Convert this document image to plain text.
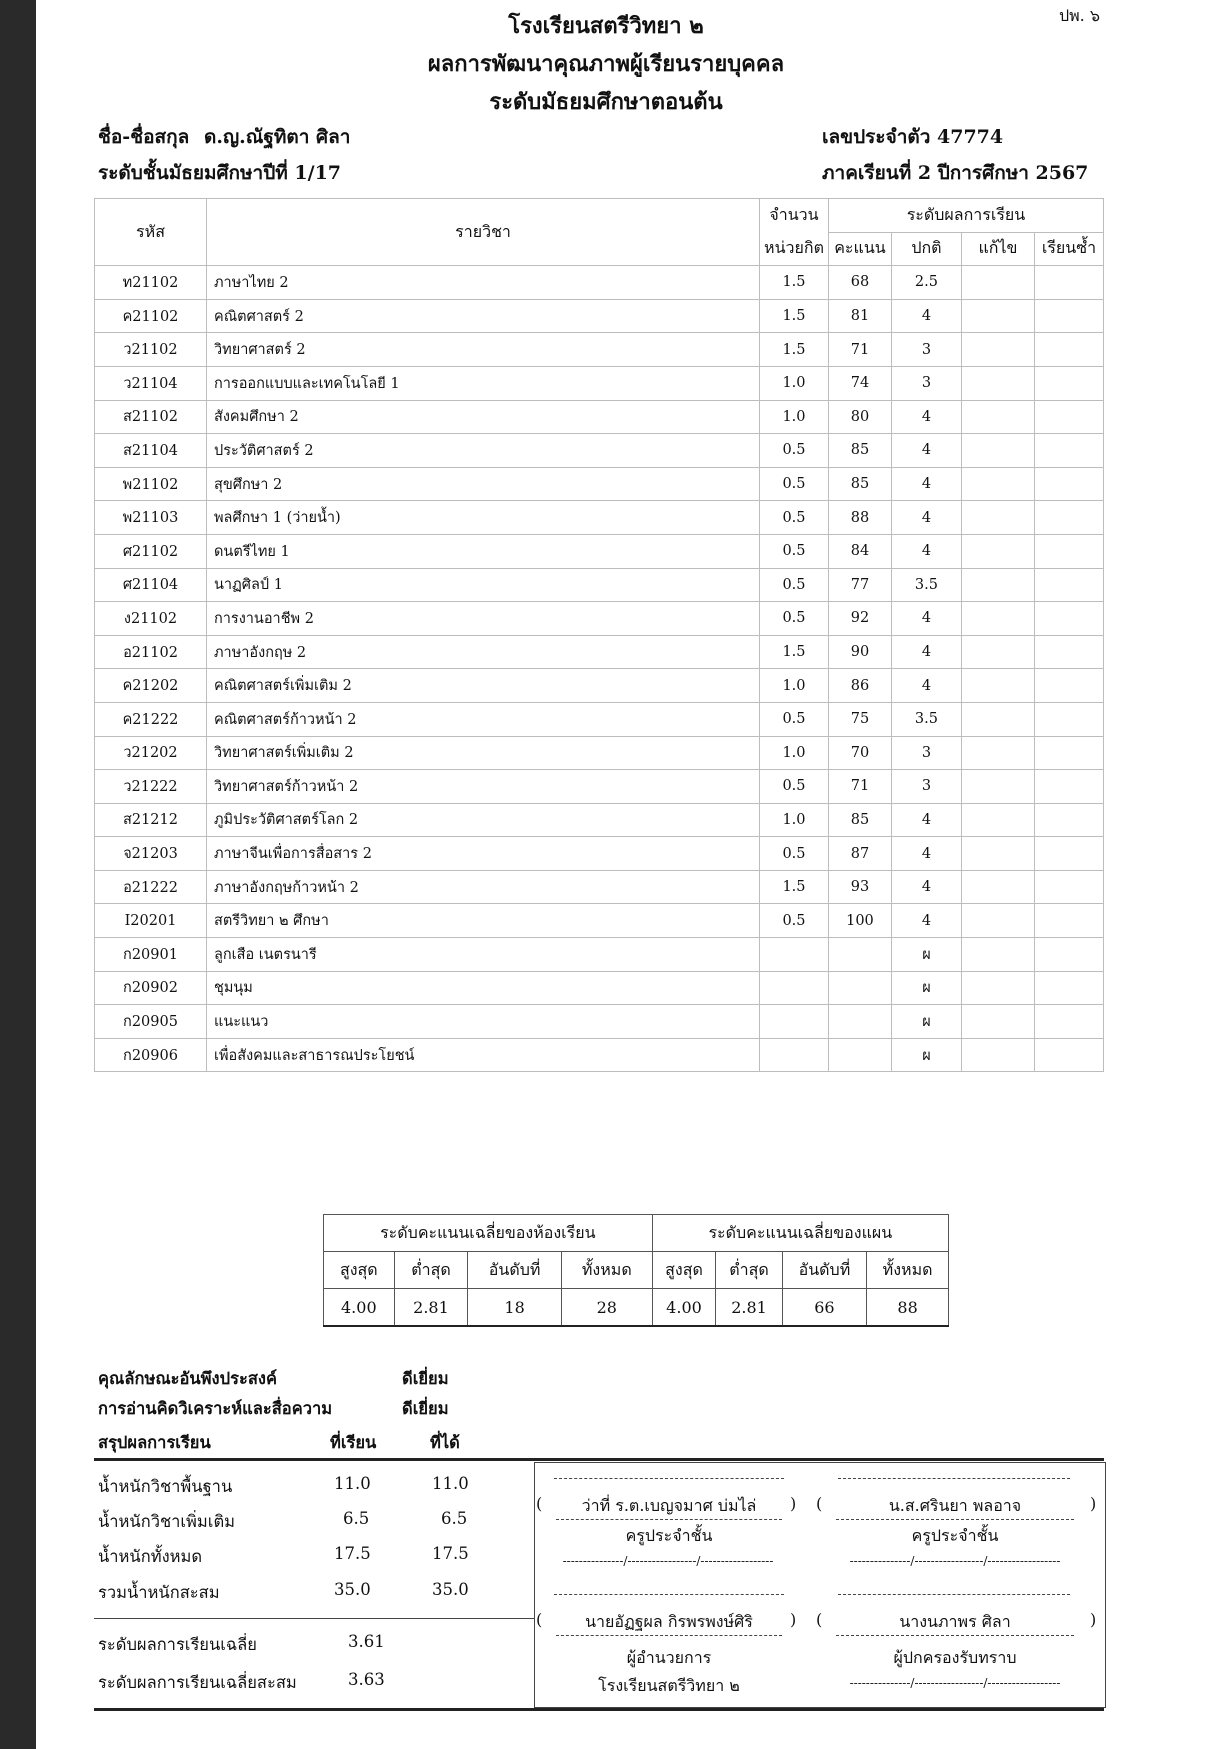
ปพ. ๖
โรงเรียนสตรีวิทยา ๒
ผลการพัฒนาคุณภาพผู้เรียนรายบุคคล
ระดับมัธยมศึกษาตอนต้น
ชื่อ-ชื่อสกุล ด.ญ.ณัฐทิตา ศิลา	เลขประจำตัว 47774
ระดับชั้นมัธยมศึกษาปีที่ 1/17	ภาคเรียนที่ 2 ปีการศึกษา 2567
รหัส	รายวิชา	จำนวน	ระดับผลการเรียน			
		หน่วยกิต	คะแนน	ปกติ	แก้ไข	เรียนซ้ำ
ท21102	ภาษาไทย 2	1.5	68	2.5		
ค21102	คณิตศาสตร์ 2	1.5	81	4		
ว21102	วิทยาศาสตร์ 2	1.5	71	3		
ว21104	การออกแบบและเทคโนโลยี 1	1.0	74	3		
ส21102	สังคมศึกษา 2	1.0	80	4		
ส21104	ประวัติศาสตร์ 2	0.5	85	4		
พ21102	สุขศึกษา 2	0.5	85	4		
พ21103	พลศึกษา 1 (ว่ายน้ำ)	0.5	88	4		
ศ21102	ดนตรีไทย 1	0.5	84	4		
ศ21104	นาฏศิลป์ 1	0.5	77	3.5		
ง21102	การงานอาชีพ 2	0.5	92	4		
อ21102	ภาษาอังกฤษ 2	1.5	90	4		
ค21202	คณิตศาสตร์เพิ่มเติม 2	1.0	86	4		
ค21222	คณิตศาสตร์ก้าวหน้า 2	0.5	75	3.5		
ว21202	วิทยาศาสตร์เพิ่มเติม 2	1.0	70	3		
ว21222	วิทยาศาสตร์ก้าวหน้า 2	0.5	71	3		
ส21212	ภูมิประวัติศาสตร์โลก 2	1.0	85	4		
จ21203	ภาษาจีนเพื่อการสื่อสาร 2	0.5	87	4		
อ21222	ภาษาอังกฤษก้าวหน้า 2	1.5	93	4		
I20201	สตรีวิทยา ๒ ศึกษา	0.5	100	4		
ก20901	ลูกเสือ เนตรนารี			ผ		
ก20902	ชุมนุม			ผ		
ก20905	แนะแนว			ผ		
ก20906	เพื่อสังคมและสาธารณประโยชน์			ผ		
ระดับคะแนนเฉลี่ยของห้องเรียน				ระดับคะแนนเฉลี่ยของแผน			
สูงสุด	ต่ำสุด	อันดับที่	ทั้งหมด	สูงสุด	ต่ำสุด	อันดับที่	ทั้งหมด
4.00	2.81	18	28	4.00	2.81	66	88
คุณลักษณะอันพึงประสงค์	ดีเยี่ยม
การอ่านคิดวิเคราะห์และสื่อความ	ดีเยี่ยม
สรุปผลการเรียน	ที่เรียน	ที่ได้
น้ำหนักวิชาพื้นฐาน	11.0	11.0
น้ำหนักวิชาเพิ่มเติม	6.5	6.5
น้ำหนักทั้งหมด	17.5	17.5
รวมน้ำหนักสะสม	35.0	35.0
ระดับผลการเรียนเฉลี่ย	3.61
ระดับผลการเรียนเฉลี่ยสะสม	3.63
(	ว่าที่ ร.ต.เบญจมาศ บ่มไล่	) (	น.ส.ศรินยา พลอาจ	)
ครูประจำชั้น	ครูประจำชั้น
---------------/-----------------/------------------	---------------/-----------------/------------------
(	นายอัฏฐผล กิรพรพงษ์ศิริ	) (	นางนภาพร ศิลา	)
ผู้อำนวยการ	ผู้ปกครองรับทราบ
โรงเรียนสตรีวิทยา ๒	---------------/-----------------/------------------
